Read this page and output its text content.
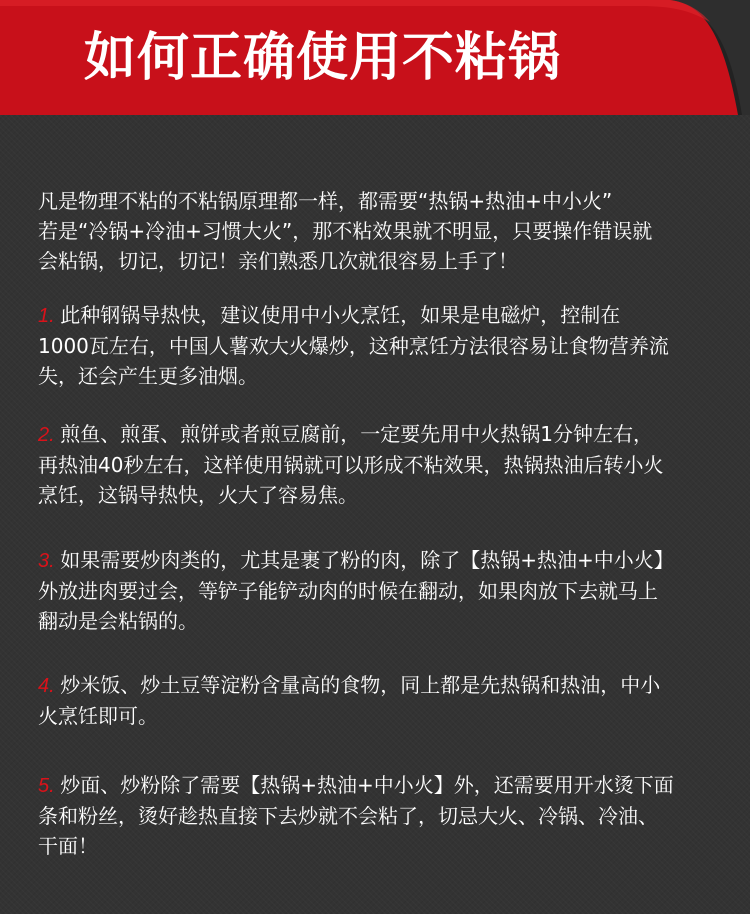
如何正确使用不粘锅

凡是物理不粘的不粘锅原理都一样，都需要“热锅+热油+中小火”
若是“冷锅+冷油+习惯大火”，那不粘效果就不明显，只要操作错误就
会粘锅，切记，切记！亲们熟悉几次就很容易上手了！

1. 此种钢锅导热快，建议使用中小火烹饪，如果是电磁炉，控制在
1000瓦左右，中国人薯欢大火爆炒，这种烹饪方法很容易让食物营养流
失，还会产生更多油烟。

2. 煎鱼、煎蛋、煎饼或者煎豆腐前，一定要先用中火热锅1分钟左右，
再热油40秒左右，这样使用锅就可以形成不粘效果，热锅热油后转小火
烹饪，这锅导热快，火大了容易焦。

3. 如果需要炒肉类的，尤其是裹了粉的肉，除了【热锅+热油+中小火】
外放进肉要过会，等铲子能铲动肉的时候在翻动，如果肉放下去就马上
翻动是会粘锅的。

4. 炒米饭、炒土豆等淀粉含量高的食物，同上都是先热锅和热油，中小
火烹饪即可。

5. 炒面、炒粉除了需要【热锅+热油+中小火】外，还需要用开水烫下面
条和粉丝，烫好趁热直接下去炒就不会粘了，切忌大火、冷锅、冷油、
干面！
